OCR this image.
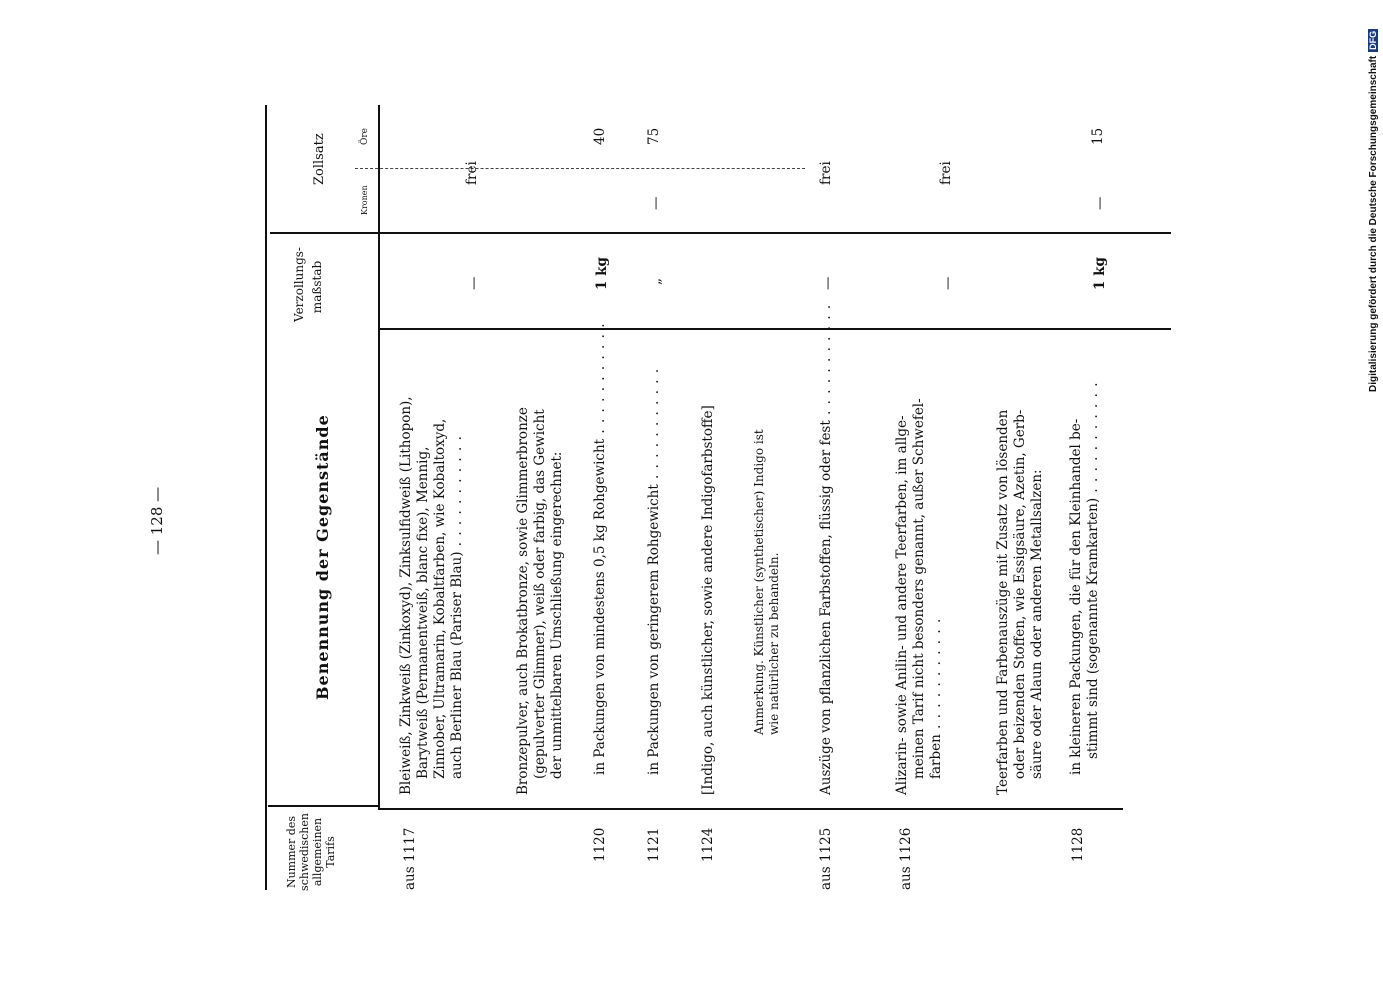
— 128 —
Digitalisierung gefördert durch die Deutsche ForschungsgemeinschaftDFG
Nummer des schwedischen allgemeinen Tarifs
Benennung der Gegenstände
Verzollungs-maßstab
Zollsatz
Kronen
Öre
aus 1117
Bleiweiß, Zinkweiß (Zinkoxyd), Zinksulfidweiß (Lithopon), Barytweiß (Permanentweiß, blanc fixe), Mennig, Zinnober, Ultramarin, Kobaltfarben, wie Kobaltoxyd, auch Berliner Blau (Pariser Blau) . . .
—
frei
Bronzepulver, auch Brokatbronze, sowie Glimmerbronze (gepulverter Glimmer), weiß oder farbig, das Gewicht der unmittelbaren Umschließung eingerechnet:
1120
in Packungen von mindestens 0,5 kg Rohgewicht . . .
1 kg
40
1121
in Packungen von geringerem Rohgewicht . . .
„
—
75
1124
[Indigo, auch künstlicher, sowie andere Indigofarbstoffe]	Anmerkung. Künstlicher (synthetischer) Indigo ist wie natürlicher zu behandeln.
aus 1125
Auszüge von pflanzlichen Farbstoffen, flüssig oder fest . . .
—
frei
aus 1126
Alizarin- sowie Anilin- und andere Teerfarben, im allge- meinen Tarif nicht besonders genannt, außer Schwefel- farben . . .
—
frei
Teerfarben und Farbenauszüge mit Zusatz von lösenden oder beizenden Stoffen, wie Essigsäure, Azetin, Gerb- säure oder Alaun oder anderen Metallsalzen:
1128
in kleineren Packungen, die für den Kleinhandel be- stimmt sind (sogenannte Kramkarten) . . .
1 kg
—
15
